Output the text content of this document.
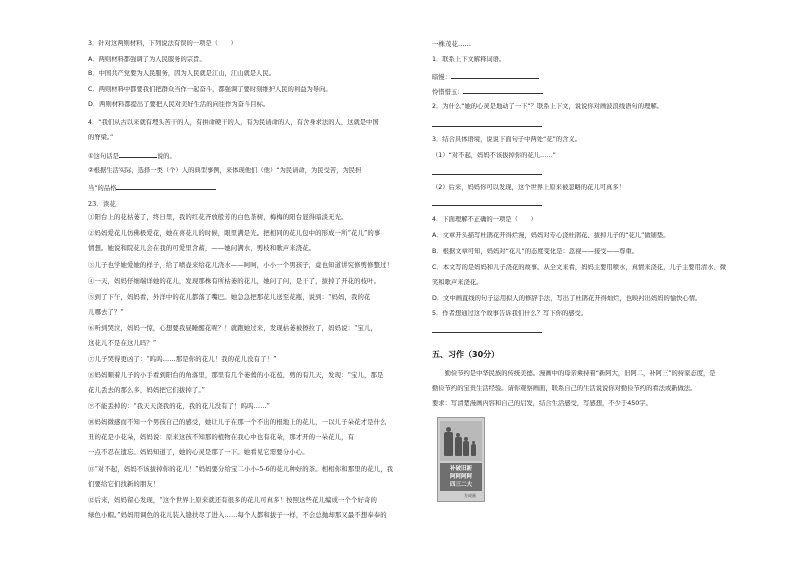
3．针对这两则材料，下列说法有误的一项是（　　）
A．两则材料都强调了为人民服务的宗旨。
B．中国共产党要为人民服务，因为人民就是江山，江山就是人民。
C．两则材料中都要我们把群众当作一起奋斗，都强调了要时刻维护人民的利益为导向。
D．两则材料都提出了要把人民对美好生活的向往作为奋斗目标。
4．“我们从古以来就有埋头苦干的人，有拼命硬干的人，有为民请命的人，有舍身求法的人，这就是中国
的脊梁。”
①这句话是	说的。
②根据生活实际，选择一类（个）人的典型事例，来体现他们（他）“为民请命，为民受苦，为民担
当”的品格
23．读花
①阳台上的花枯萎了，终日里，我的红花齐放般芳的白色茶树，梅梅的阳台显得暗淡无光。
②妈妈爱花儿仿佛极爱花，她在喜花儿的时候，眼里满是光。把相同的花儿包中的形成一所“花儿”的事
情想。她说和院花儿会在我的可爱里含蓄，——她问满水，剪枝和歌声来浇花。
③儿子也学她爱她的样子，给了喷壶来给花儿浇水——呵呵，小小一个男孩子，竟也知道讲究修剪修整过！
④一天，妈妈仔细端详她的花儿，发现那株有所枯萎的花儿，她问了问，是干了，拔掉了开花的枝叶。
⑤到了下午，妈妈看，外洋中的花儿都落了嘴巴。她急急把那花儿送至花瓶，说到：“妈妈，我的花
儿哪去了？”
⑥听到哭泣，妈妈一惊，心想要我昼睡醒花呢？！就跑她过来，发现枯萎被擦拉了，妈妈说：“宝儿，
这花儿不是在这儿吗？”
⑦儿子哭得更凶了：“呜呜……那是你的花儿！我的花儿没有了！”
⑧妈妈顺着儿子的小手看到阳台的角落里，那里有几个萎蔫的小花苞，剪的有几天，发现：“宝儿，那是
花儿丢去的那么多，妈妈把它们拔掉了。”
⑨不能丢掉的：“我天天浇我的花，我的花儿没有了！呜呜……”
⑩妈妈微感而不知一个男孩自己的感受，她让儿子在那一个不出的根地上的花儿，一以儿子朵花才是什么
丑的花是小花朵，妈妈说：原来这孩不知那的植物在我心中也有花朵，那才开的一朵花儿，有
一点不忍在遗忘。妈妈知道了，她的心灵是那了一下。她看见它需要分小心。
⑪“对不起，妈妈不该拔掉你的花儿！”妈妈要分给宝二小小-5-6的花儿种好的茶。相相你和那里的花儿，我
们要给它们找新的朋友！
⑫后来，妈妈留心发现，“这个世界上原来就还有很多的花儿可真多！按照这些花儿编成一个个好奇的
绿色小帽。”妈妈用调色的花儿装入缝扶尽了进入……每个人都和拔子一样，不会总抛却那又最不想奉奉的
一株茂花……
1．联系上下文解释词语。
暗慢：
怜惜惜玉：
2．为什么“她的心灵是地动了一下”？联系上下文，说说你对画波浪线语句的理解。
3．结合具体语境，说说下面句子中两处“花”的含义。
（1）“对不起，妈妈不该拔掉你的花儿……”
（2）后来，妈妈你可以发现，这个世界上原来被忽略的花儿可真多！
4．下面理解不正确的一项是（　　）
A．文章开头描写杜鹃花开得烂漫，妈妈对专心浇杜鹃花、拔掉儿子的“花儿”做铺垫。
B．根据文章可知，妈妈对“花儿”的态度变化是：忽视——接受——尊重。
C．本文写的是妈妈和儿子浇花的故事。从全文来看，妈妈主要用喷水，真情来浇花，儿子主要用清水、微
笑和歌声来浇花。
D．文中画直线的句子运用拟人的修辞手法，写出了杜鹃花开得灿烂，也映衬出妈妈的愉快心情。
5．作者想通过这个故事告诉我们什么？写下你的感受。
五、习作（30分）
　　勤俭节约是中华民族的传统美德。漫画中的母亲乘持着“新阿大，旧阿二，补阿三”的持家态度，是
勤俭节约的宝贵生活经验。请你观察画面，联系自己的生活说说你对勤俭节约的看法或新做法。
要求：写清楚漫画内容和自己的启发，结合生活感受，写感想，不少于450字。
补破旧新
阿阿阿阿
四三二大
方成画
